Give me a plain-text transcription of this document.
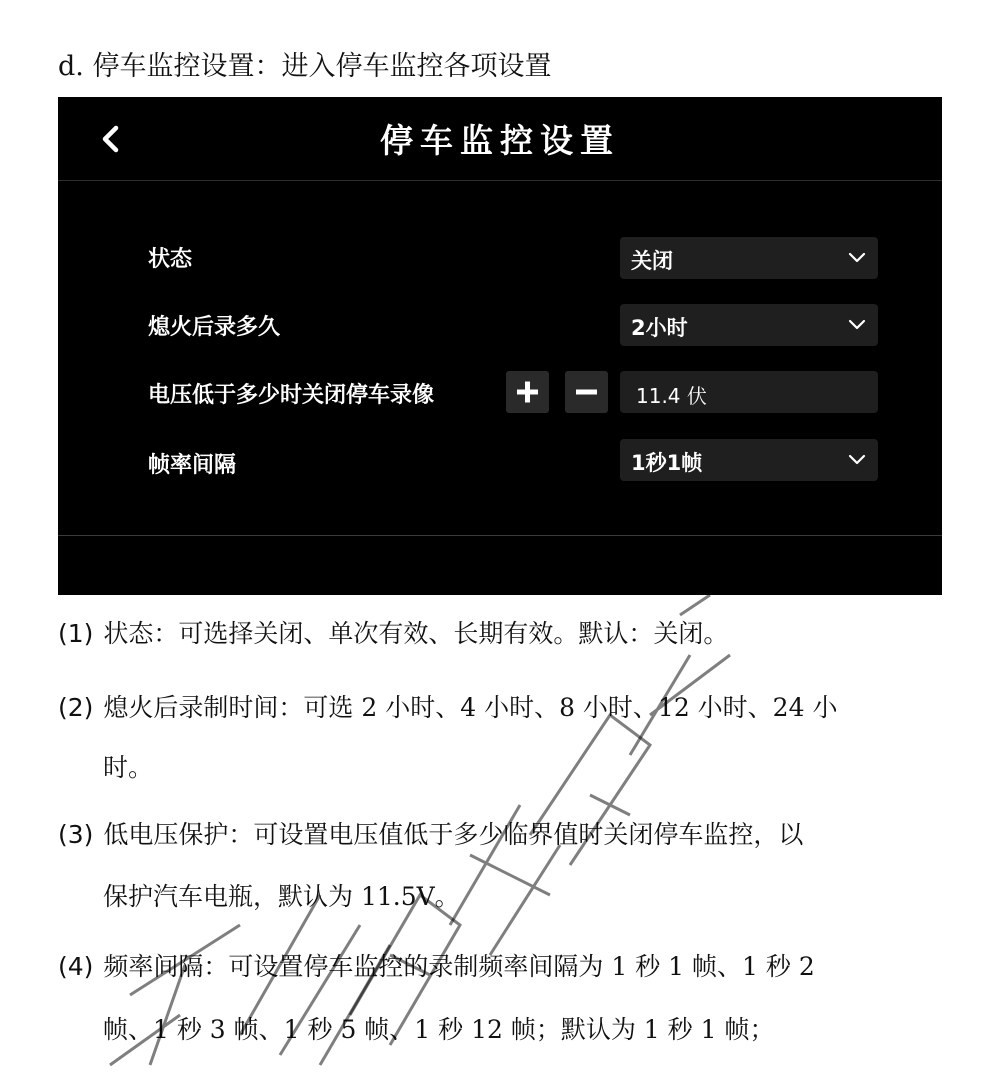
d. 停车监控设置：进入停车监控各项设置
停车监控设置
状态	关闭
熄火后录多久	2小时
电压低于多少时关闭停车录像	11.4 伏
帧率间隔	1秒1帧
(1) 状态：可选择关闭、单次有效、长期有效。默认：关闭。
(2) 熄火后录制时间：可选 2 小时、4 小时、8 小时、12 小时、24 小
时。
(3) 低电压保护：可设置电压值低于多少临界值时关闭停车监控，以
保护汽车电瓶，默认为 11.5V。
(4) 频率间隔：可设置停车监控的录制频率间隔为 1 秒 1 帧、1 秒 2
帧、1 秒 3 帧、1 秒 5 帧、1 秒 12 帧；默认为 1 秒 1 帧；
